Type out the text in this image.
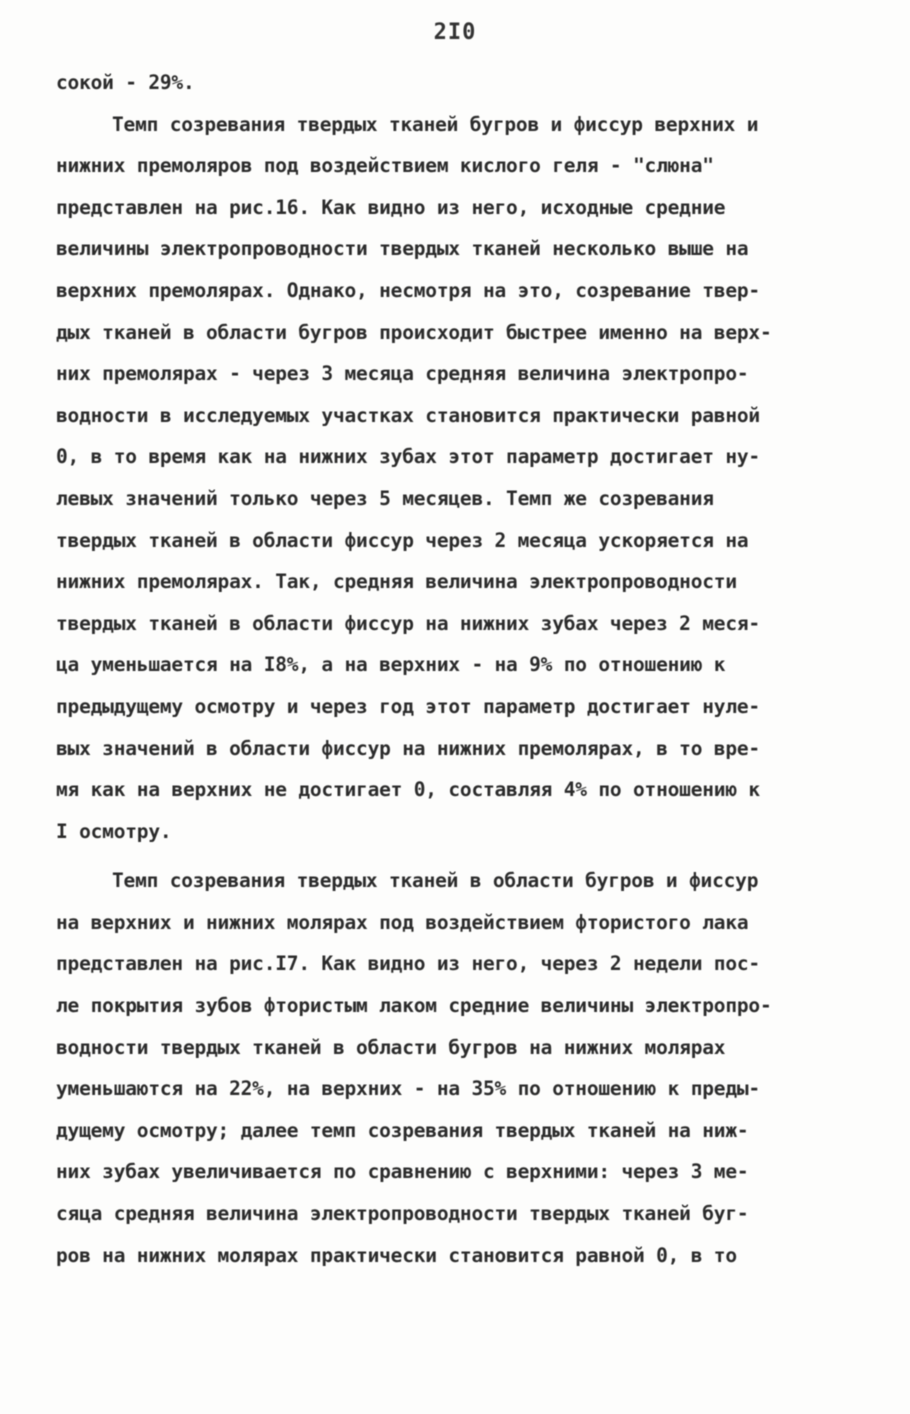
2I0
сокой - 29%.
Темп созревания твердых тканей бугров и фиссур верхних и
нижних премоляров под воздействием кислого геля - "слюна"
представлен на рис.16. Как видно из него, исходные средние
величины электропроводности твердых тканей несколько выше на
верхних премолярах. Однако, несмотря на это, созревание твер-
дых тканей в области бугров происходит быстрее именно на верх-
них премолярах - через 3 месяца средняя величина электропро-
водности в исследуемых участках становится практически равной
0, в то время как на нижних зубах этот параметр достигает ну-
левых значений только через 5 месяцев. Темп же созревания
твердых тканей в области фиссур через 2 месяца ускоряется на
нижних премолярах. Так, средняя величина электропроводности
твердых тканей в области фиссур на нижних зубах через 2 меся-
ца уменьшается на I8%, а на верхних - на 9% по отношению к
предыдущему осмотру и через год этот параметр достигает нуле-
вых значений в области фиссур на нижних премолярах, в то вре-
мя как на верхних не достигает 0, составляя 4% по отношению к
I осмотру.
Темп созревания твердых тканей в области бугров и фиссур
на верхних и нижних молярах под воздействием фтористого лака
представлен на рис.I7. Как видно из него, через 2 недели пос-
ле покрытия зубов фтористым лаком средние величины электропро-
водности твердых тканей в области бугров на нижних молярах
уменьшаются на 22%, на верхних - на 35% по отношению к преды-
дущему осмотру; далее темп созревания твердых тканей на ниж-
них зубах увеличивается по сравнению с верхними: через 3 ме-
сяца средняя величина электропроводности твердых тканей буг-
ров на нижних молярах практически становится равной 0, в то
